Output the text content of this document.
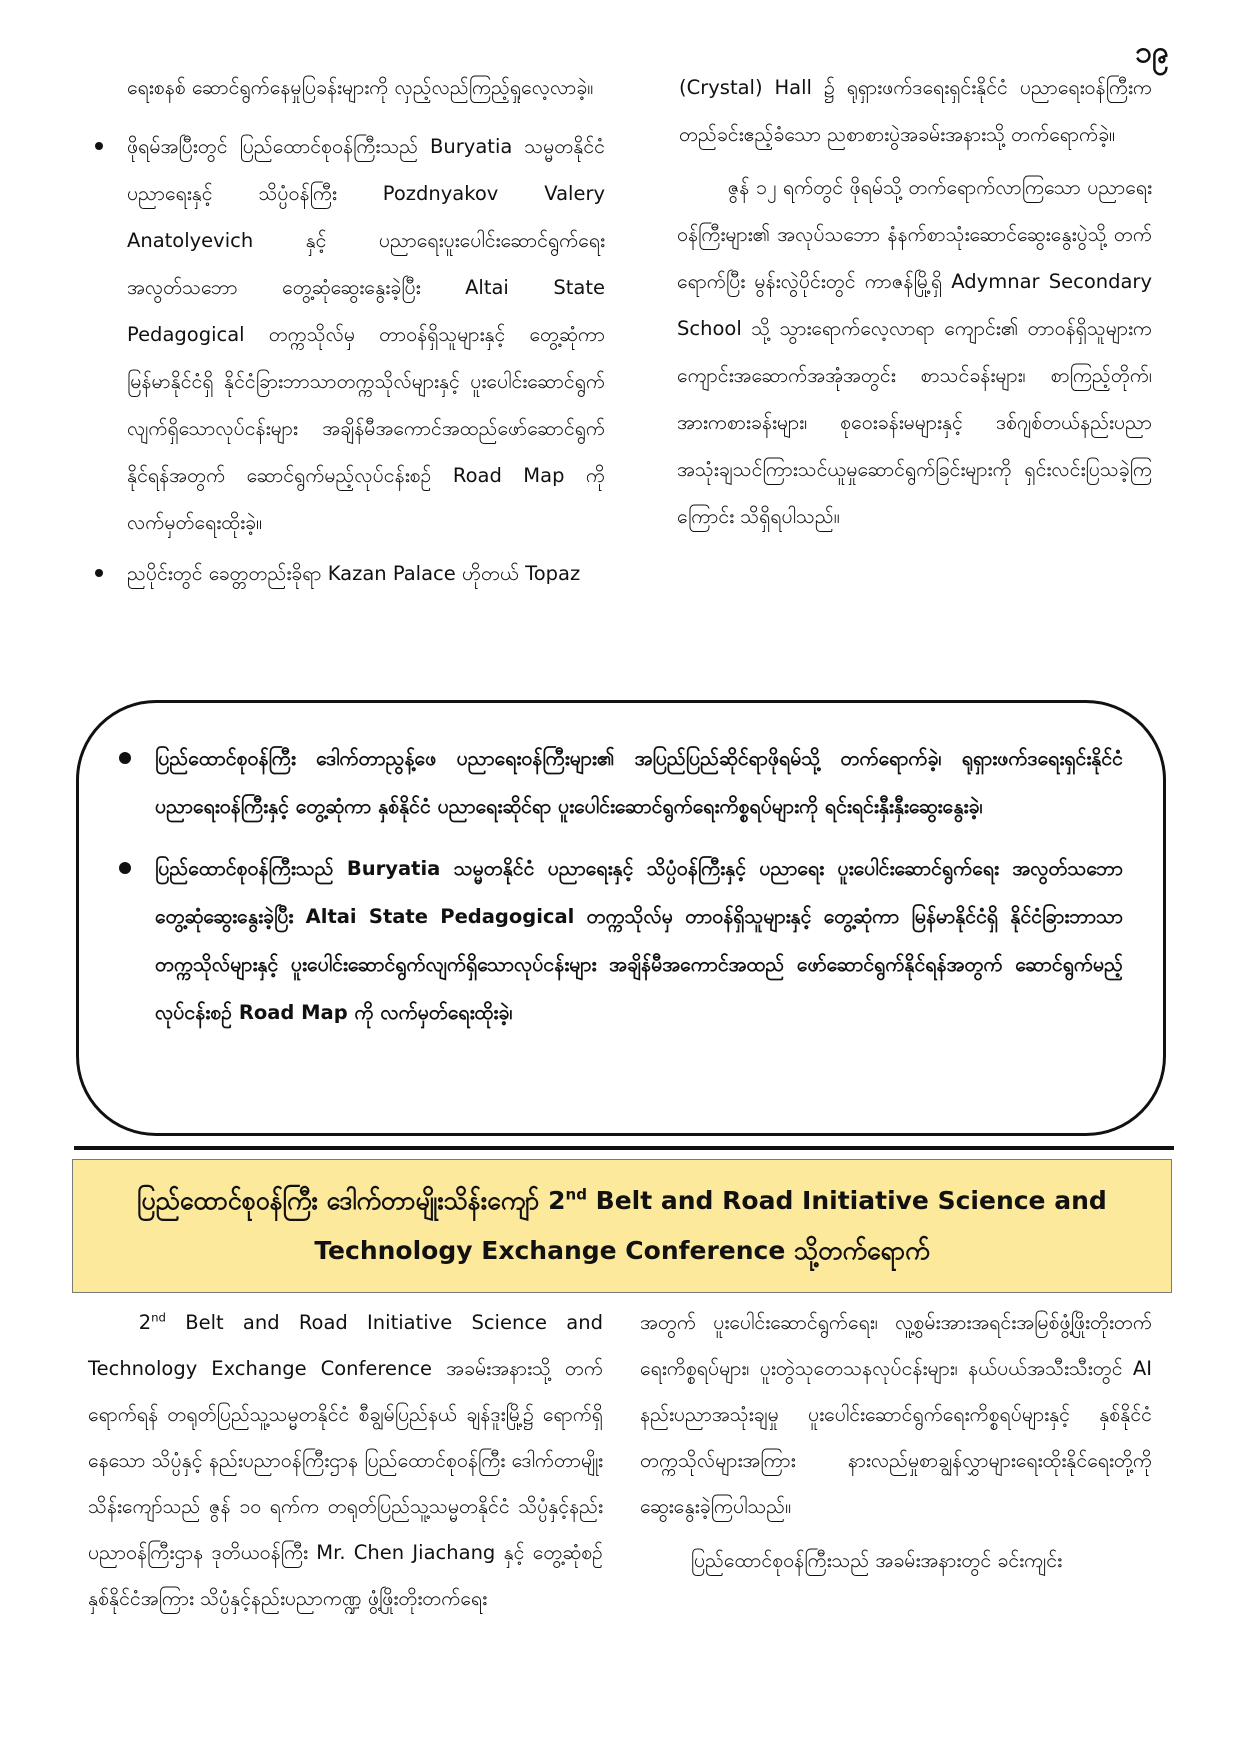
၁၉

ရေးစနစ် ဆောင်ရွက်နေမှုပြခန်းများကို လှည့်လည်ကြည့်ရှုလေ့လာခဲ့။

ဖိုရမ်အပြီးတွင် ပြည်ထောင်စုဝန်ကြီးသည် Buryatia သမ္မတနိုင်ငံ ပညာရေးနှင့် သိပ္ပံဝန်ကြီး Pozdnyakov Valery Anatolyevich နှင့် ပညာရေးပူးပေါင်းဆောင်ရွက်ရေး အလွတ်သဘော တွေ့ဆုံဆွေးနွေးခဲ့ပြီး Altai State Pedagogical တက္ကသိုလ်မှ တာဝန်ရှိသူများနှင့် တွေ့ဆုံကာ မြန်မာနိုင်ငံရှိ နိုင်ငံခြားဘာသာတက္ကသိုလ်များနှင့် ပူးပေါင်းဆောင်ရွက်လျက်ရှိသောလုပ်ငန်းများ အချိန်မီအကောင်အထည်ဖော်ဆောင်ရွက်နိုင်ရန်အတွက် ဆောင်ရွက်မည့်လုပ်ငန်းစဉ် Road Map ကို လက်မှတ်ရေးထိုးခဲ့။
ညပိုင်းတွင် ခေတ္တတည်းခိုရာ Kazan Palace ဟိုတယ် Topaz

(Crystal) Hall ၌ ရုရှားဖက်ဒရေးရှင်းနိုင်ငံ ပညာရေးဝန်ကြီးက တည်ခင်းဧည့်ခံသော ညစာစားပွဲအခမ်းအနားသို့ တက်ရောက်ခဲ့။

ဇွန် ၁၂ ရက်တွင် ဖိုရမ်သို့ တက်ရောက်လာကြသော ပညာရေးဝန်ကြီးများ၏ အလုပ်သဘော နံနက်စာသုံးဆောင်ဆွေးနွေးပွဲသို့ တက်ရောက်ပြီး မွန်းလွဲပိုင်းတွင် ကာဇန်မြို့ရှိ Adymnar Secondary School သို့ သွားရောက်လေ့လာရာ ကျောင်း၏ တာဝန်ရှိသူများက ကျောင်းအဆောက်အအုံအတွင်း စာသင်ခန်းများ၊ စာကြည့်တိုက်၊ အားကစားခန်းများ၊ စုဝေးခန်းမများနှင့် ဒစ်ဂျစ်တယ်နည်းပညာ အသုံးချသင်ကြားသင်ယူမှုဆောင်ရွက်ခြင်းများကို ရှင်းလင်းပြသခဲ့ကြကြောင်း သိရှိရပါသည်။

ပြည်ထောင်စုဝန်ကြီး ဒေါက်တာညွန့်ဖေ ပညာရေးဝန်ကြီးများ၏ အပြည်ပြည်ဆိုင်ရာဖိုရမ်သို့ တက်ရောက်ခဲ့၊ ရုရှားဖက်ဒရေးရှင်းနိုင်ငံ ပညာရေးဝန်ကြီးနှင့် တွေ့ဆုံကာ နှစ်နိုင်ငံ ပညာရေးဆိုင်ရာ ပူးပေါင်းဆောင်ရွက်ရေးကိစ္စရပ်များကို ရင်းရင်းနှီးနှီးဆွေးနွေးခဲ့၊
ပြည်ထောင်စုဝန်ကြီးသည် Buryatia သမ္မတနိုင်ငံ ပညာရေးနှင့် သိပ္ပံဝန်ကြီးနှင့် ပညာရေး ပူးပေါင်းဆောင်ရွက်ရေး အလွတ်သဘော တွေ့ဆုံဆွေးနွေးခဲ့ပြီး Altai State Pedagogical တက္ကသိုလ်မှ တာဝန်ရှိသူများနှင့် တွေ့ဆုံကာ မြန်မာနိုင်ငံရှိ နိုင်ငံခြားဘာသာတက္ကသိုလ်များနှင့် ပူးပေါင်းဆောင်ရွက်လျက်ရှိသောလုပ်ငန်းများ အချိန်မီအကောင်အထည် ဖော်ဆောင်ရွက်နိုင်ရန်အတွက် ဆောင်ရွက်မည့်လုပ်ငန်းစဉ် Road Map ကို လက်မှတ်ရေးထိုးခဲ့၊
ပြည်ထောင်စုဝန်ကြီး ဒေါက်တာမျိုးသိန်းကျော် 2nd Belt and Road Initiative Science and Technology Exchange Conference သို့တက်ရောက်

2nd Belt and Road Initiative Science and Technology Exchange Conference အခမ်းအနားသို့ တက်ရောက်ရန် တရုတ်ပြည်သူ့သမ္မတနိုင်ငံ စီချွမ်ပြည်နယ် ချန်ဒူးမြို့၌ ရောက်ရှိနေသော သိပ္ပံနှင့် နည်းပညာဝန်ကြီးဌာန ပြည်ထောင်စုဝန်ကြီး ဒေါက်တာမျိုးသိန်းကျော်သည် ဇွန် ၁၀ ရက်က တရုတ်ပြည်သူ့သမ္မတနိုင်ငံ သိပ္ပံနှင့်နည်းပညာဝန်ကြီးဌာန ဒုတိယဝန်ကြီး Mr. Chen Jiachang နှင့် တွေ့ဆုံစဉ် နှစ်နိုင်ငံအကြား သိပ္ပံနှင့်နည်းပညာကဏ္ဍ ဖွံ့ဖြိုးတိုးတက်ရေး

အတွက် ပူးပေါင်းဆောင်ရွက်ရေး၊ လူ့စွမ်းအားအရင်းအမြစ်ဖွံ့ဖြိုးတိုးတက်ရေးကိစ္စရပ်များ၊ ပူးတွဲသုတေသနလုပ်ငန်းများ၊ နယ်ပယ်အသီးသီးတွင် AI နည်းပညာအသုံးချမှု ပူးပေါင်းဆောင်ရွက်ရေးကိစ္စရပ်များနှင့် နှစ်နိုင်ငံတက္ကသိုလ်များအကြား နားလည်မှုစာချွန်လွှာများရေးထိုးနိုင်ရေးတို့ကို ဆွေးနွေးခဲ့ကြပါသည်။

ပြည်ထောင်စုဝန်ကြီးသည် အခမ်းအနားတွင် ခင်းကျင်း
